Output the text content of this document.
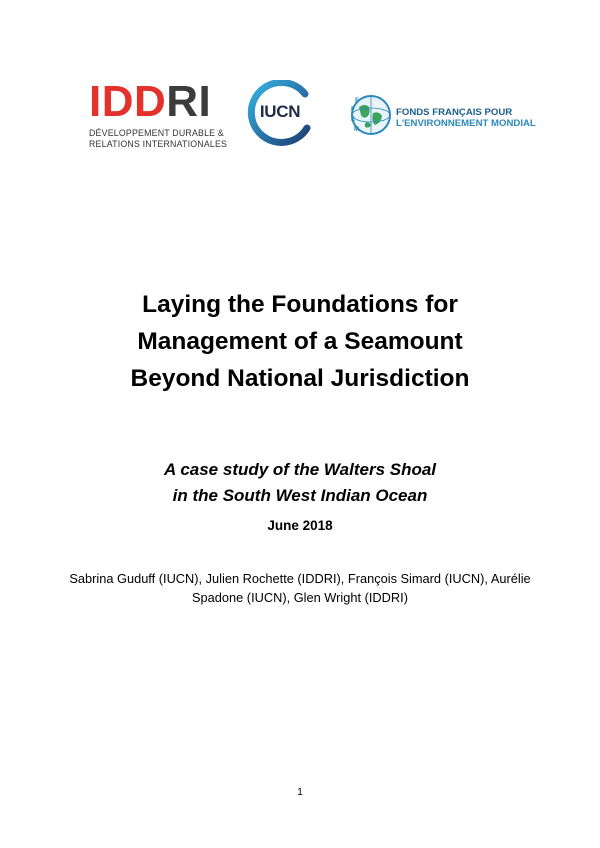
IDDRI
DÉVELOPPEMENT DURABLE &
RELATIONS INTERNATIONALES
IUCN
F
F
E
M
FONDS FRANÇAIS POUR
L'ENVIRONNEMENT MONDIAL
Laying the Foundations for
Management of a Seamount
Beyond National Jurisdiction
A case study of the Walters Shoal
in the South West Indian Ocean
June 2018
Sabrina Guduff (IUCN), Julien Rochette (IDDRI), François Simard (IUCN), Aurélie
Spadone (IUCN), Glen Wright (IDDRI)
1
